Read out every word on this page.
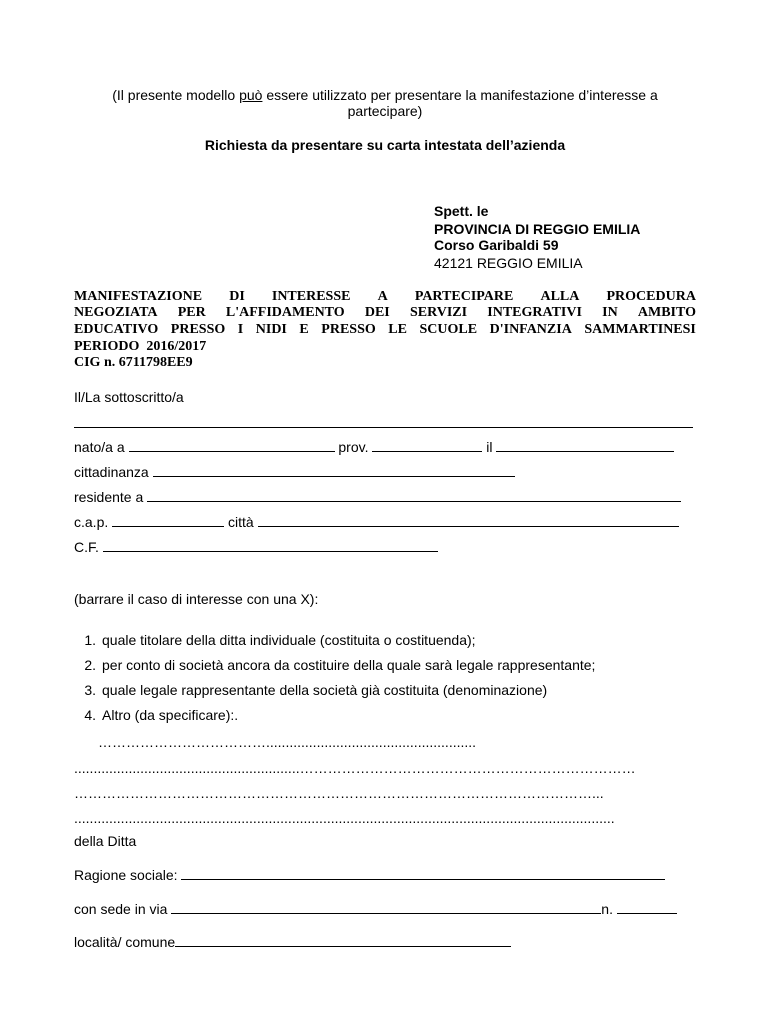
(Il presente modello può essere utilizzato per presentare la manifestazione d’interesse a
partecipare)
Richiesta da presentare su carta intestata dell’azienda
Spett. le
PROVINCIA DI REGGIO EMILIA
Corso Garibaldi 59
42121 REGGIO EMILIA
MANIFESTAZIONE DI INTERESSE A PARTECIPARE ALLA PROCEDURA
NEGOZIATA PER L'AFFIDAMENTO DEI SERVIZI INTEGRATIVI IN AMBITO
EDUCATIVO PRESSO I NIDI E PRESSO LE SCUOLE D'INFANZIA SAMMARTINESI
PERIODO  2016/2017
CIG n. 6711798EE9
Il/La sottoscritto/a
nato/a a	prov.	il
cittadinanza
residente a
c.a.p.	città
C.F.
(barrare il caso di interesse con una X):
1. quale titolare della ditta individuale (costituita o costituenda);
2. per conto di società ancora da costituire della quale sarà legale rappresentante;
3. quale legale rappresentante della società già costituita (denominazione)
4. Altro (da specificare):.
………………………………......................................................
..........................................................………………………………………………………………
…………………………………………………………………………………………………...
...........................................................................................................................................
della Ditta
Ragione sociale:
con sede in via	n.
località/ comune
